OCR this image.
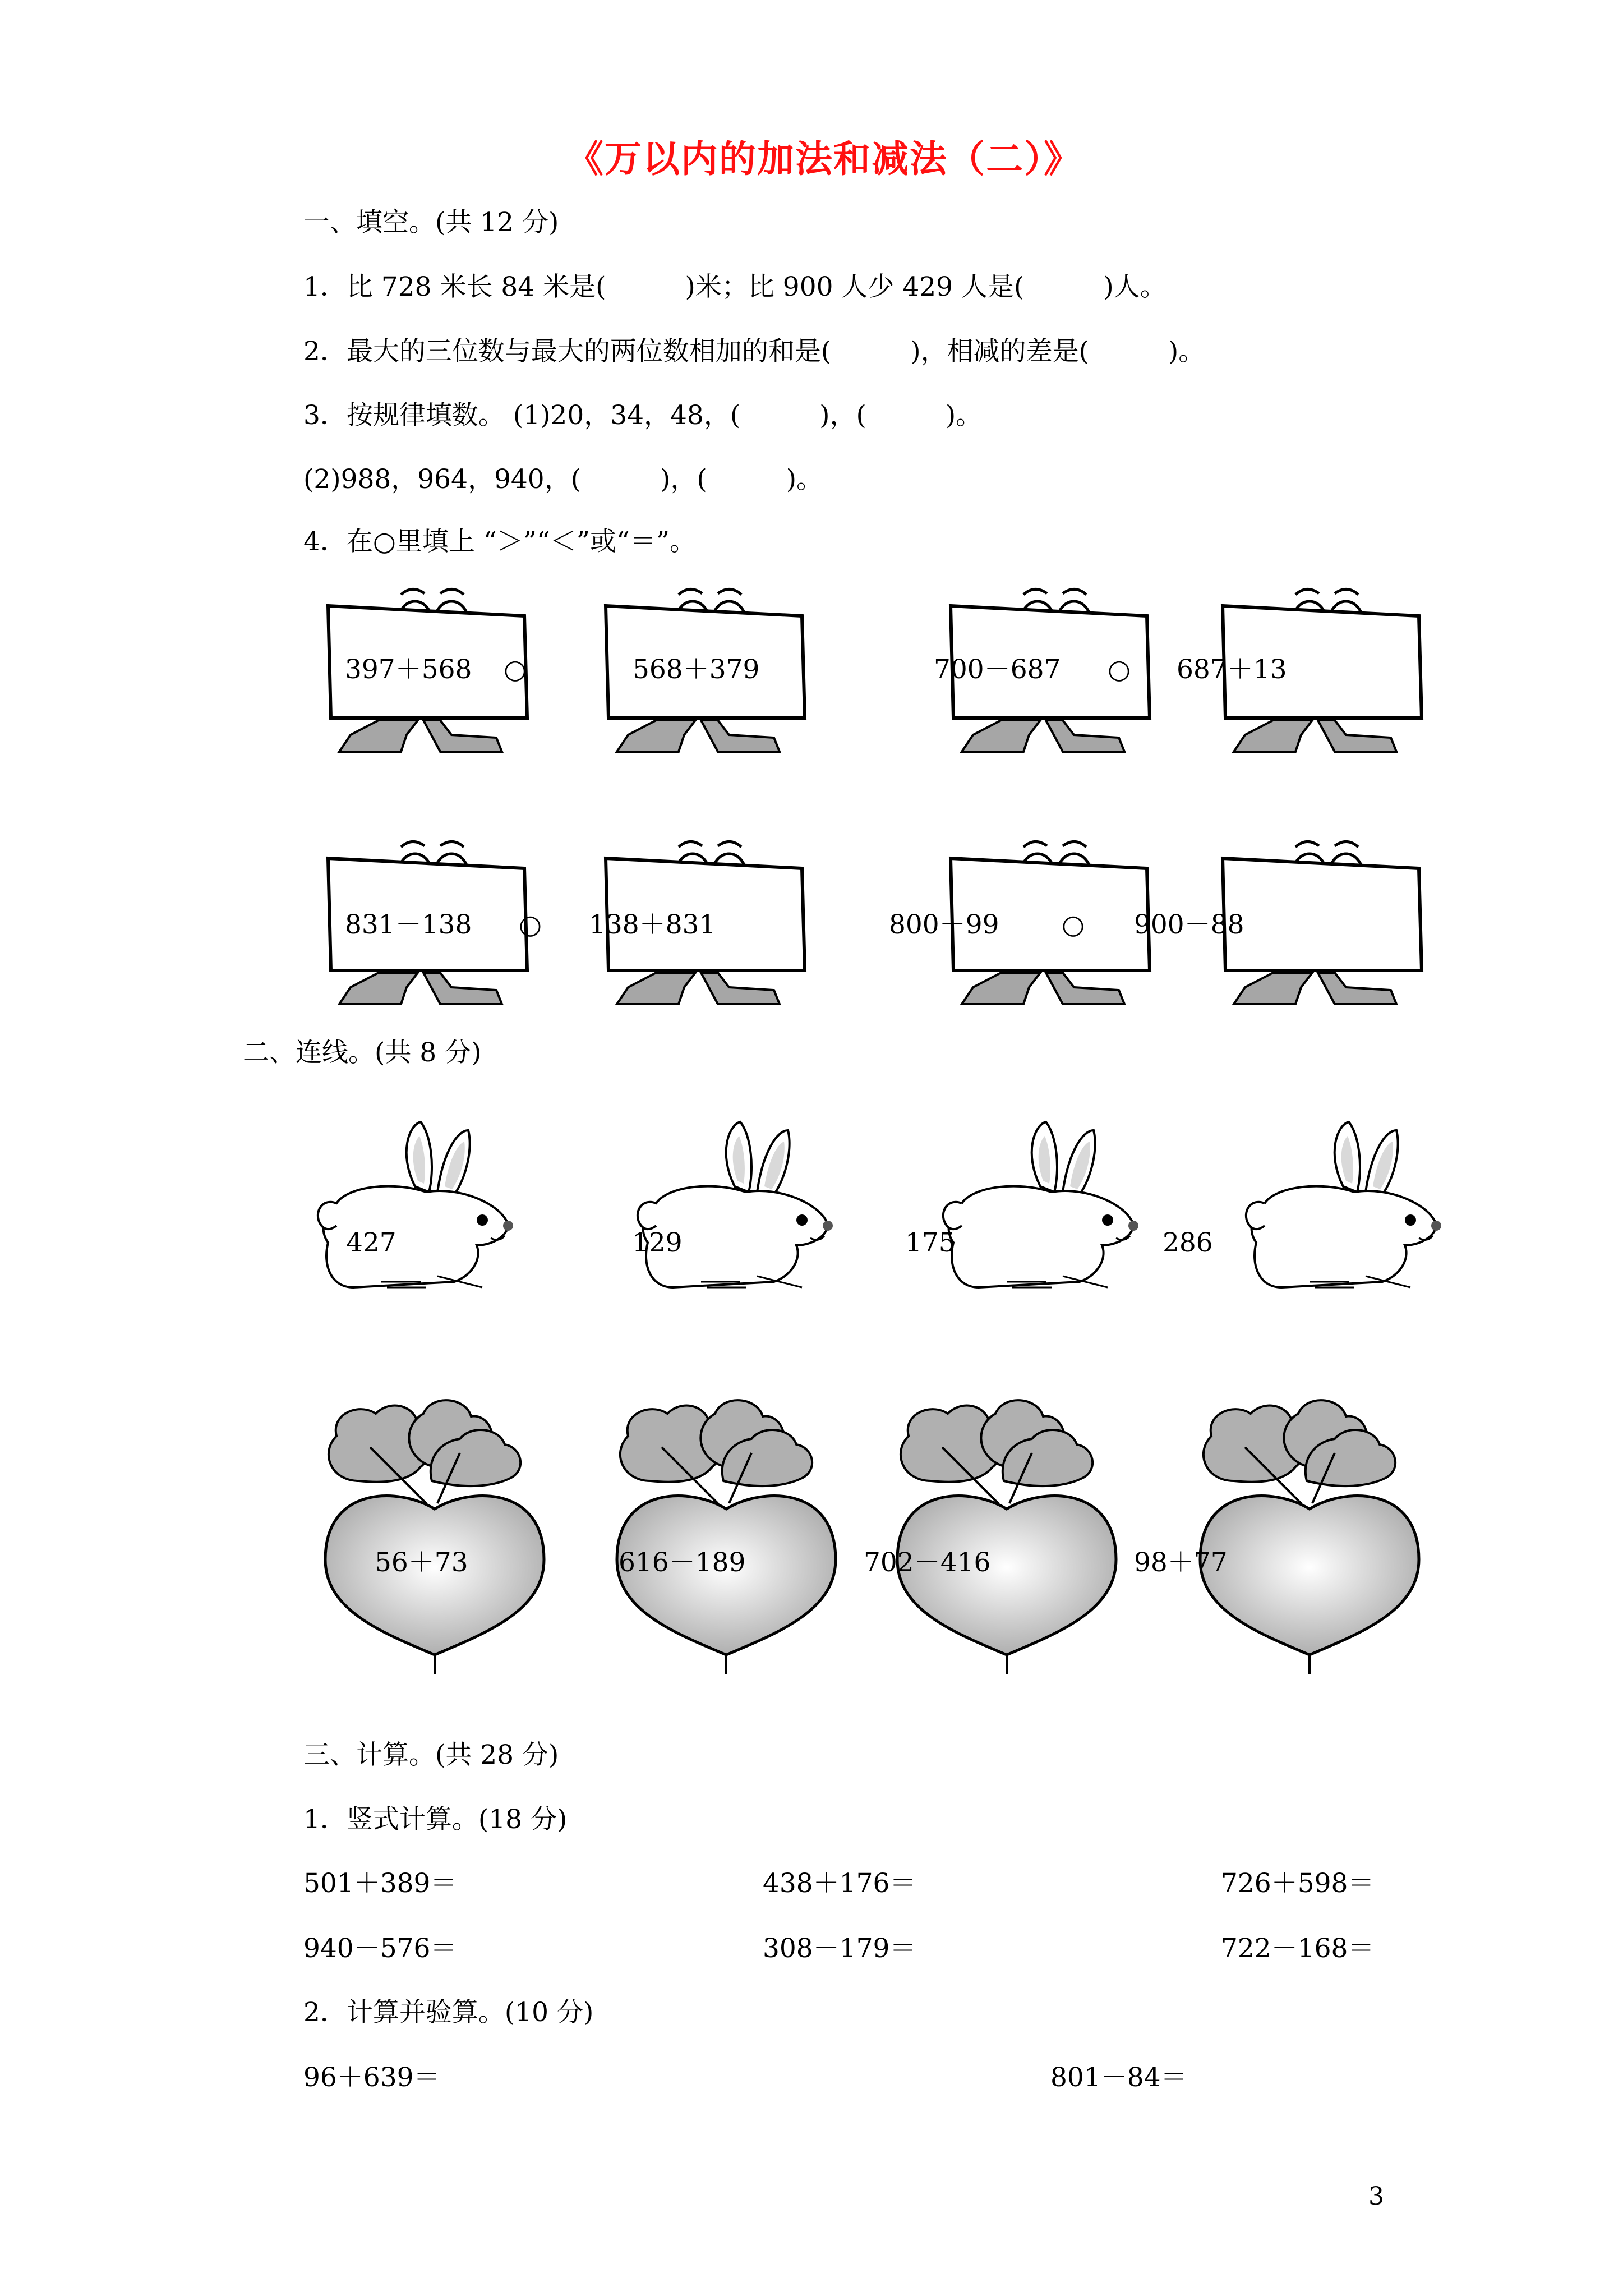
《万以内的加法和减法（二）》
一、填空。(共 12 分)
1．比 728 米长 84 米是(　　　)米；比 900 人少 429 人是(　　　)人。
2．最大的三位数与最大的两位数相加的和是(　　　)，相减的差是(　　　)。
3．按规律填数。 (1)20，34，48，(　　　)，(　　　)。
(2)988，964，940，(　　　)，(　　　)。
4．在○里填上 “＞”“＜”或“＝”。
397＋568 ○	568＋379	700－687 ○ 687＋13
831－138 ○ 138＋831	800－99 ○ 900－88
二、连线。(共 8 分)
427	129	175	286
56＋73	616－189	702－416	98＋77
三、计算。(共 28 分)
1．竖式计算。(18 分)
501＋389＝	438＋176＝	726＋598＝
940－576＝	308－179＝	722－168＝
2．计算并验算。(10 分)
96＋639＝	801－84＝
3
